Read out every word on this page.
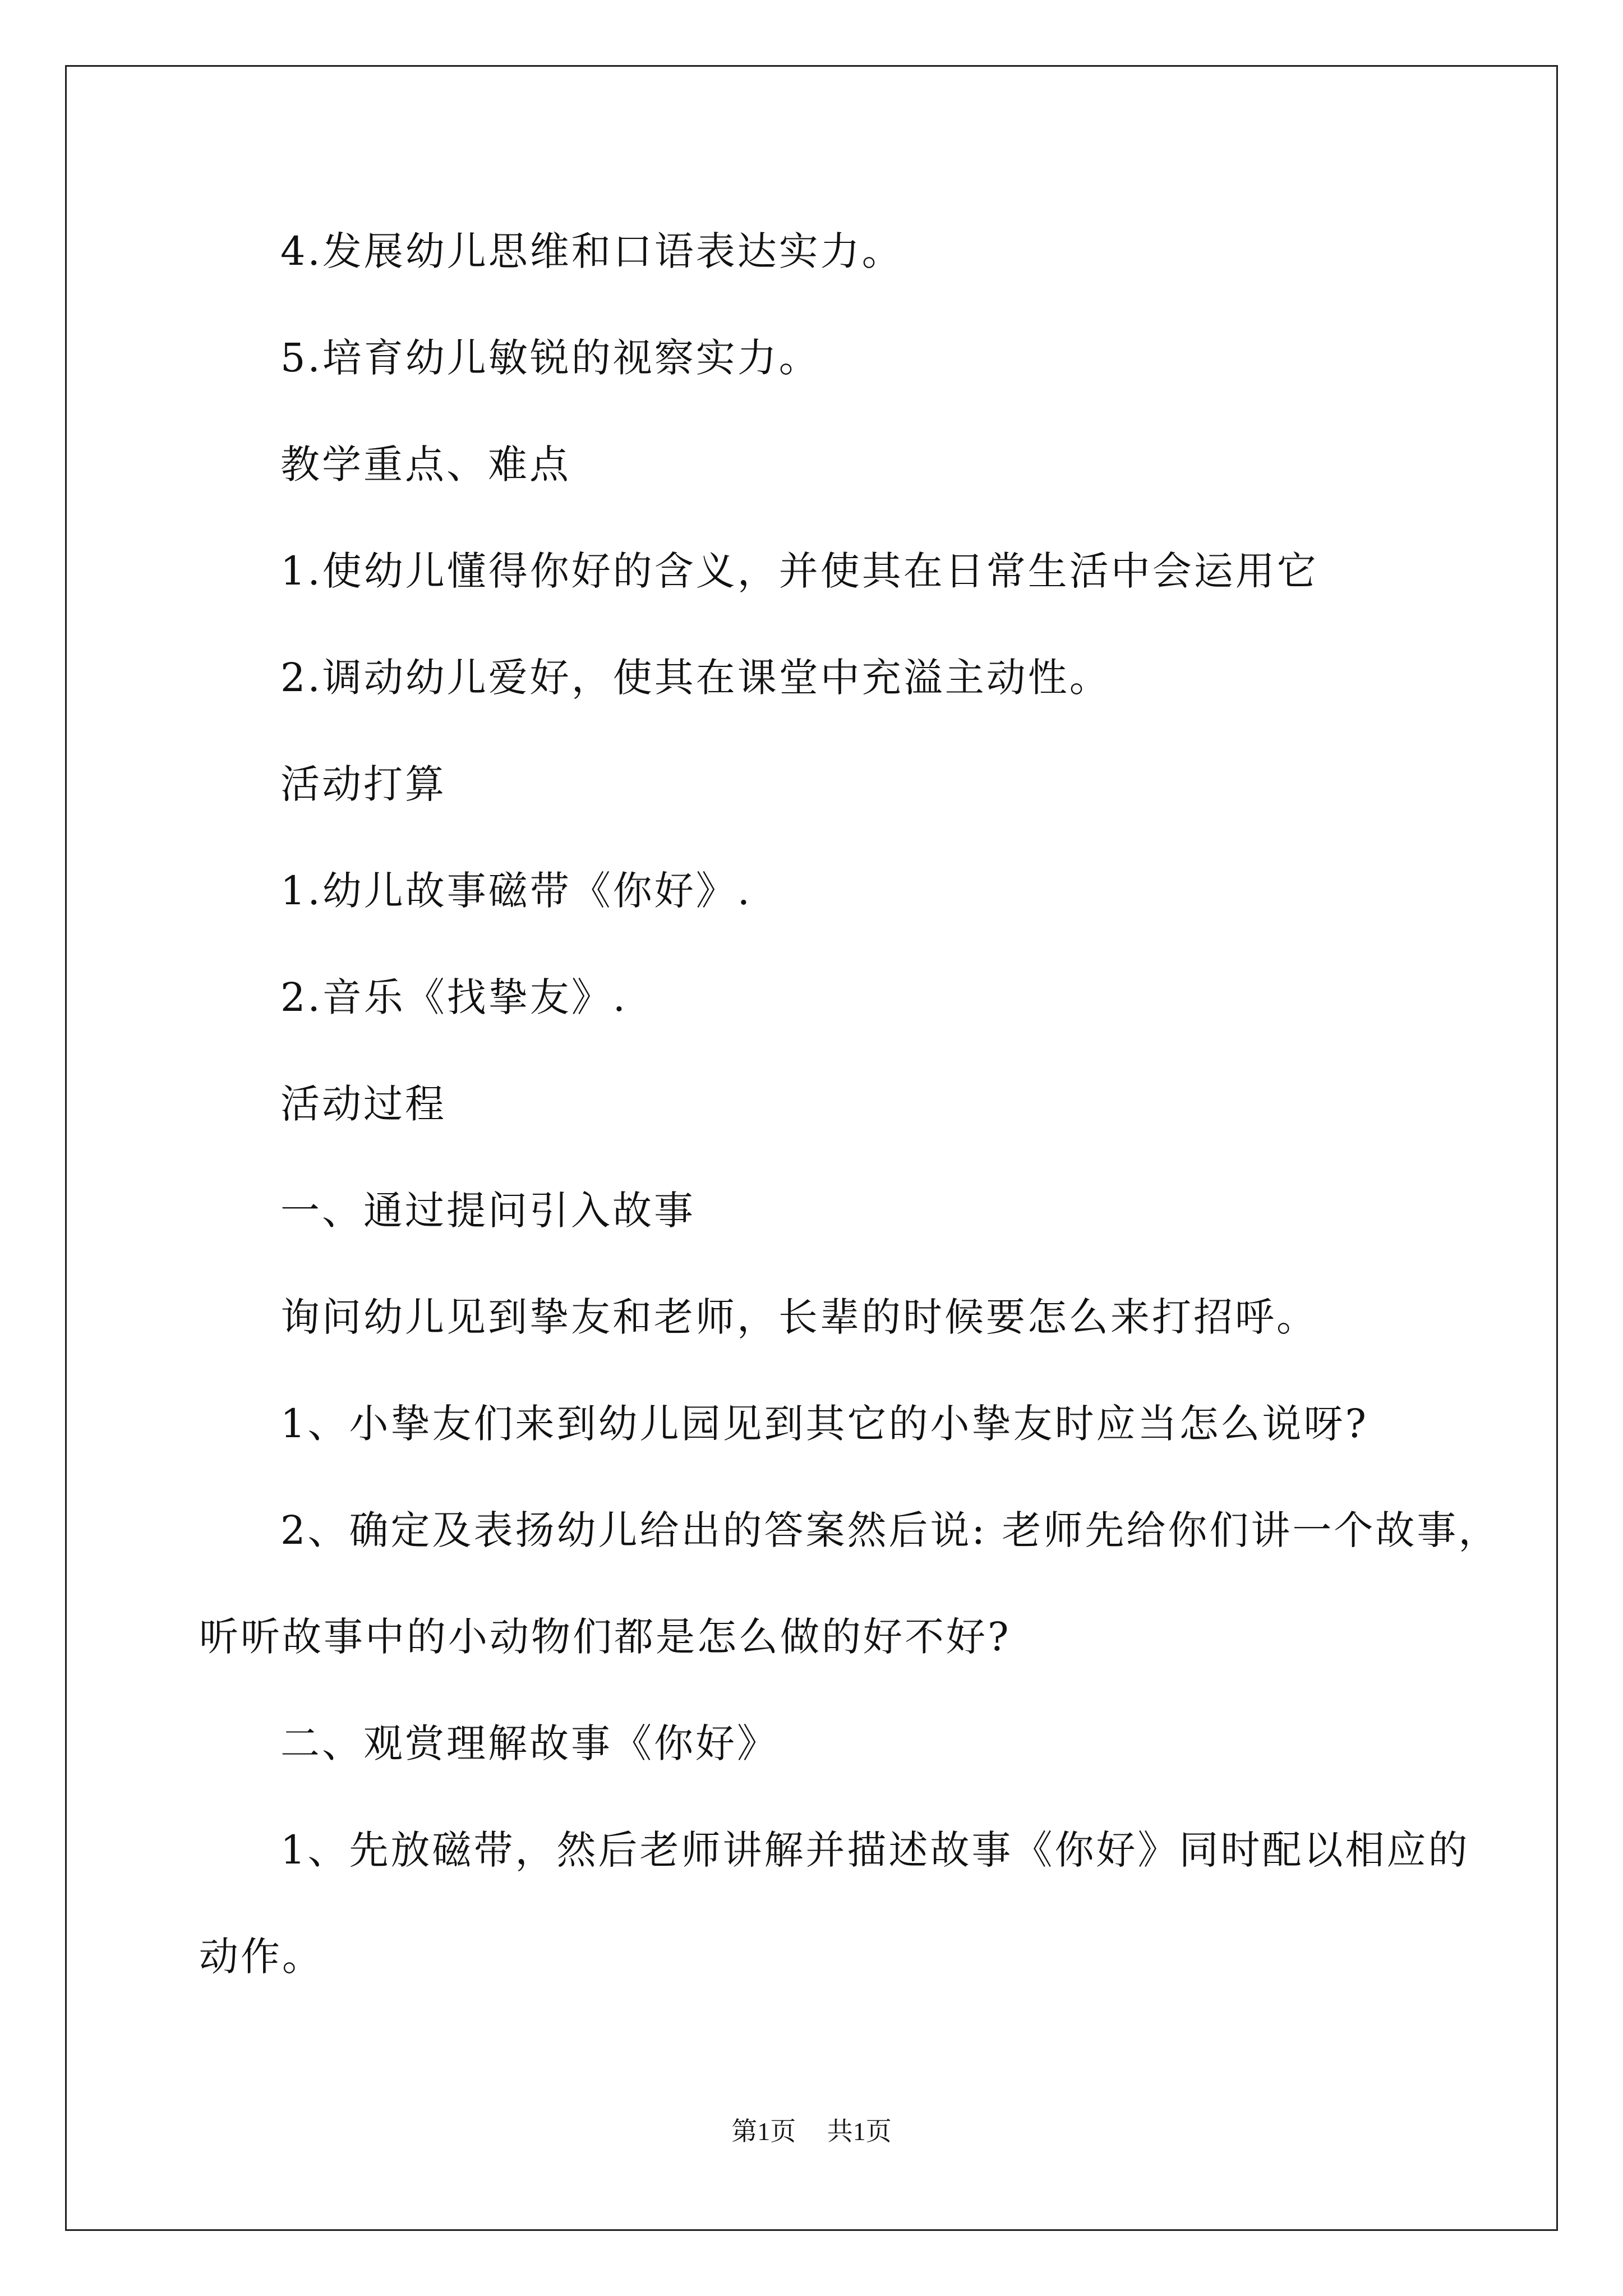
4.发展幼儿思维和口语表达实力。
5.培育幼儿敏锐的视察实力。
教学重点、难点
1.使幼儿懂得你好的含义，并使其在日常生活中会运用它
2.调动幼儿爱好，使其在课堂中充溢主动性。
活动打算
1.幼儿故事磁带《你好》.
2.音乐《找挚友》.
活动过程
一、通过提问引入故事
询问幼儿见到挚友和老师，长辈的时候要怎么来打招呼。
1、小挚友们来到幼儿园见到其它的小挚友时应当怎么说呀?
2、确定及表扬幼儿给出的答案然后说: 老师先给你们讲一个故事，
听听故事中的小动物们都是怎么做的好不好?
二、观赏理解故事《你好》
1、先放磁带，然后老师讲解并描述故事《你好》同时配以相应的
动作。
第1页 共1页
